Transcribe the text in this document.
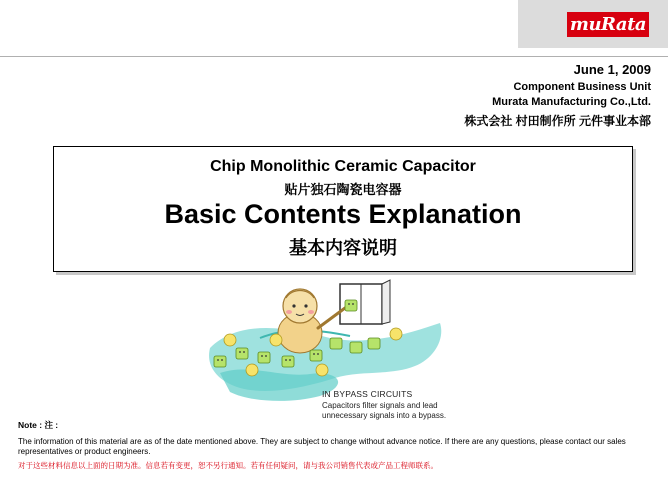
muRata
June 1, 2009
Component Business Unit
Murata Manufacturing Co.,Ltd.
株式会社 村田制作所 元件事业本部
Chip Monolithic Ceramic Capacitor
贴片独石陶瓷电容器
Basic Contents Explanation
基本内容说明
IN BYPASS CIRCUITS
Capacitors filter signals and lead unnecessary signals into a bypass.
Note : 注 :
The information of this material are as of the date mentioned above. They are subject to change without advance notice. If there are any questions, please contact our sales representatives or product engineers.
对于这些材料信息以上面的日期为准。信息若有变更，恕不另行通知。若有任何疑问，请与我公司销售代表或产品工程师联系。
